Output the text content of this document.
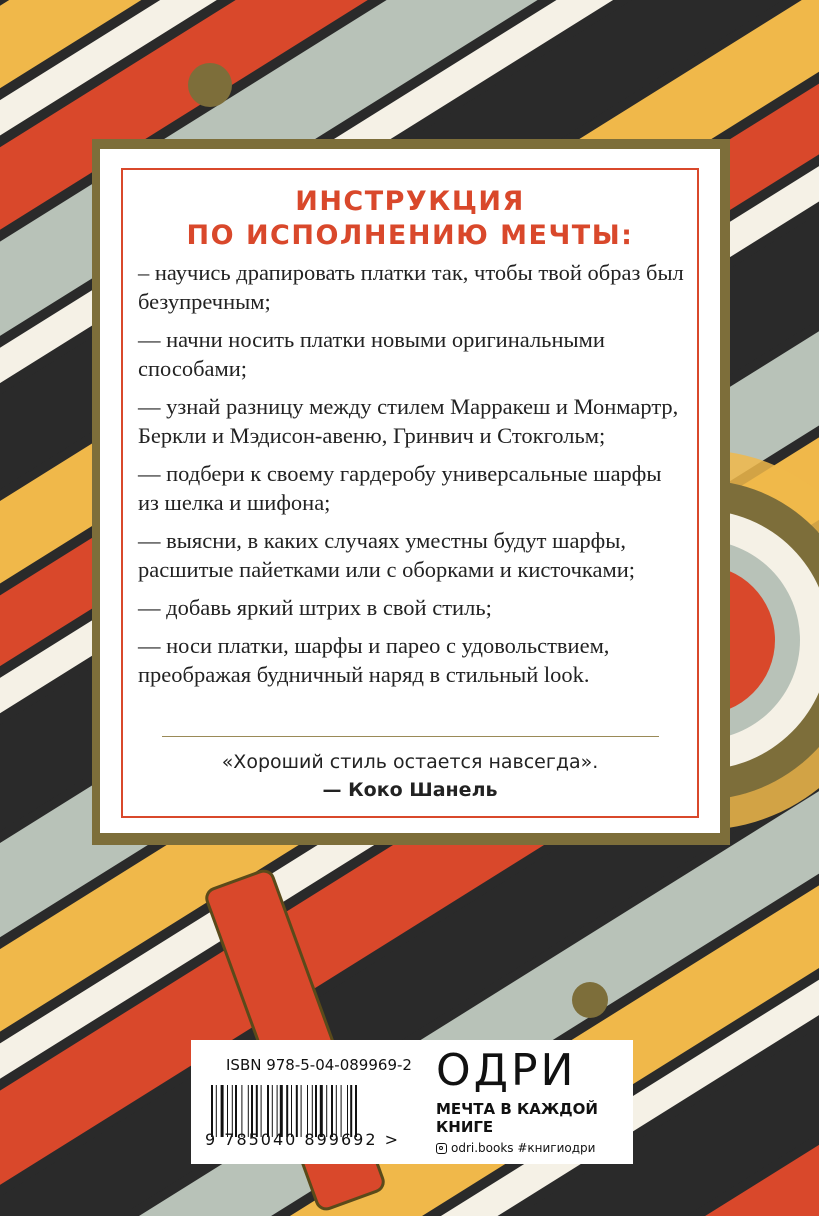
ИНСТРУКЦИЯ
ПО ИСПОЛНЕНИЮ МЕЧТЫ:
– научись драпировать платки так, чтобы твой образ был безупречным;
— начни носить платки новыми оригинальными способами;
— узнай разницу между стилем Марракеш и Монмартр, Беркли и Мэдисон-авеню, Гринвич и Стокгольм;
— подбери к своему гардеробу универсальные шарфы из шелка и шифона;
— выясни, в каких случаях уместны будут шарфы, расшитые пайетками или с оборками и кисточками;
— добавь яркий штрих в свой стиль;
— носи платки, шарфы и парео с удовольствием, преображая будничный наряд в стильный look.
«Хороший стиль остается навсегда».
— Коко Шанель
ISBN 978-5-04-089969-2
9 785040 899692 >
ОДРИ
МЕЧТА В КАЖДОЙ КНИГЕ
odri.books #книгиодри
